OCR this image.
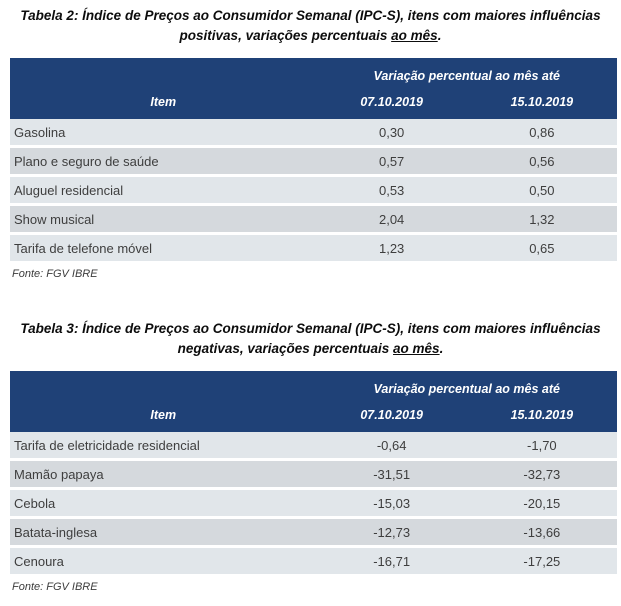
Tabela 2: Índice de Preços ao Consumidor Semanal (IPC-S), itens com maiores influências positivas, variações percentuais ao mês.
Variação percentual ao mês até
Item	07.10.2019	15.10.2019
Gasolina	0,30	0,86
Plano e seguro de saúde	0,57	0,56
Aluguel residencial	0,53	0,50
Show musical	2,04	1,32
Tarifa de telefone móvel	1,23	0,65
Fonte: FGV IBRE
Tabela 3: Índice de Preços ao Consumidor Semanal (IPC-S), itens com maiores influências negativas, variações percentuais ao mês.
Variação percentual ao mês até
Item	07.10.2019	15.10.2019
Tarifa de eletricidade residencial	-0,64	-1,70
Mamão papaya	-31,51	-32,73
Cebola	-15,03	-20,15
Batata-inglesa	-12,73	-13,66
Cenoura	-16,71	-17,25
Fonte: FGV IBRE
